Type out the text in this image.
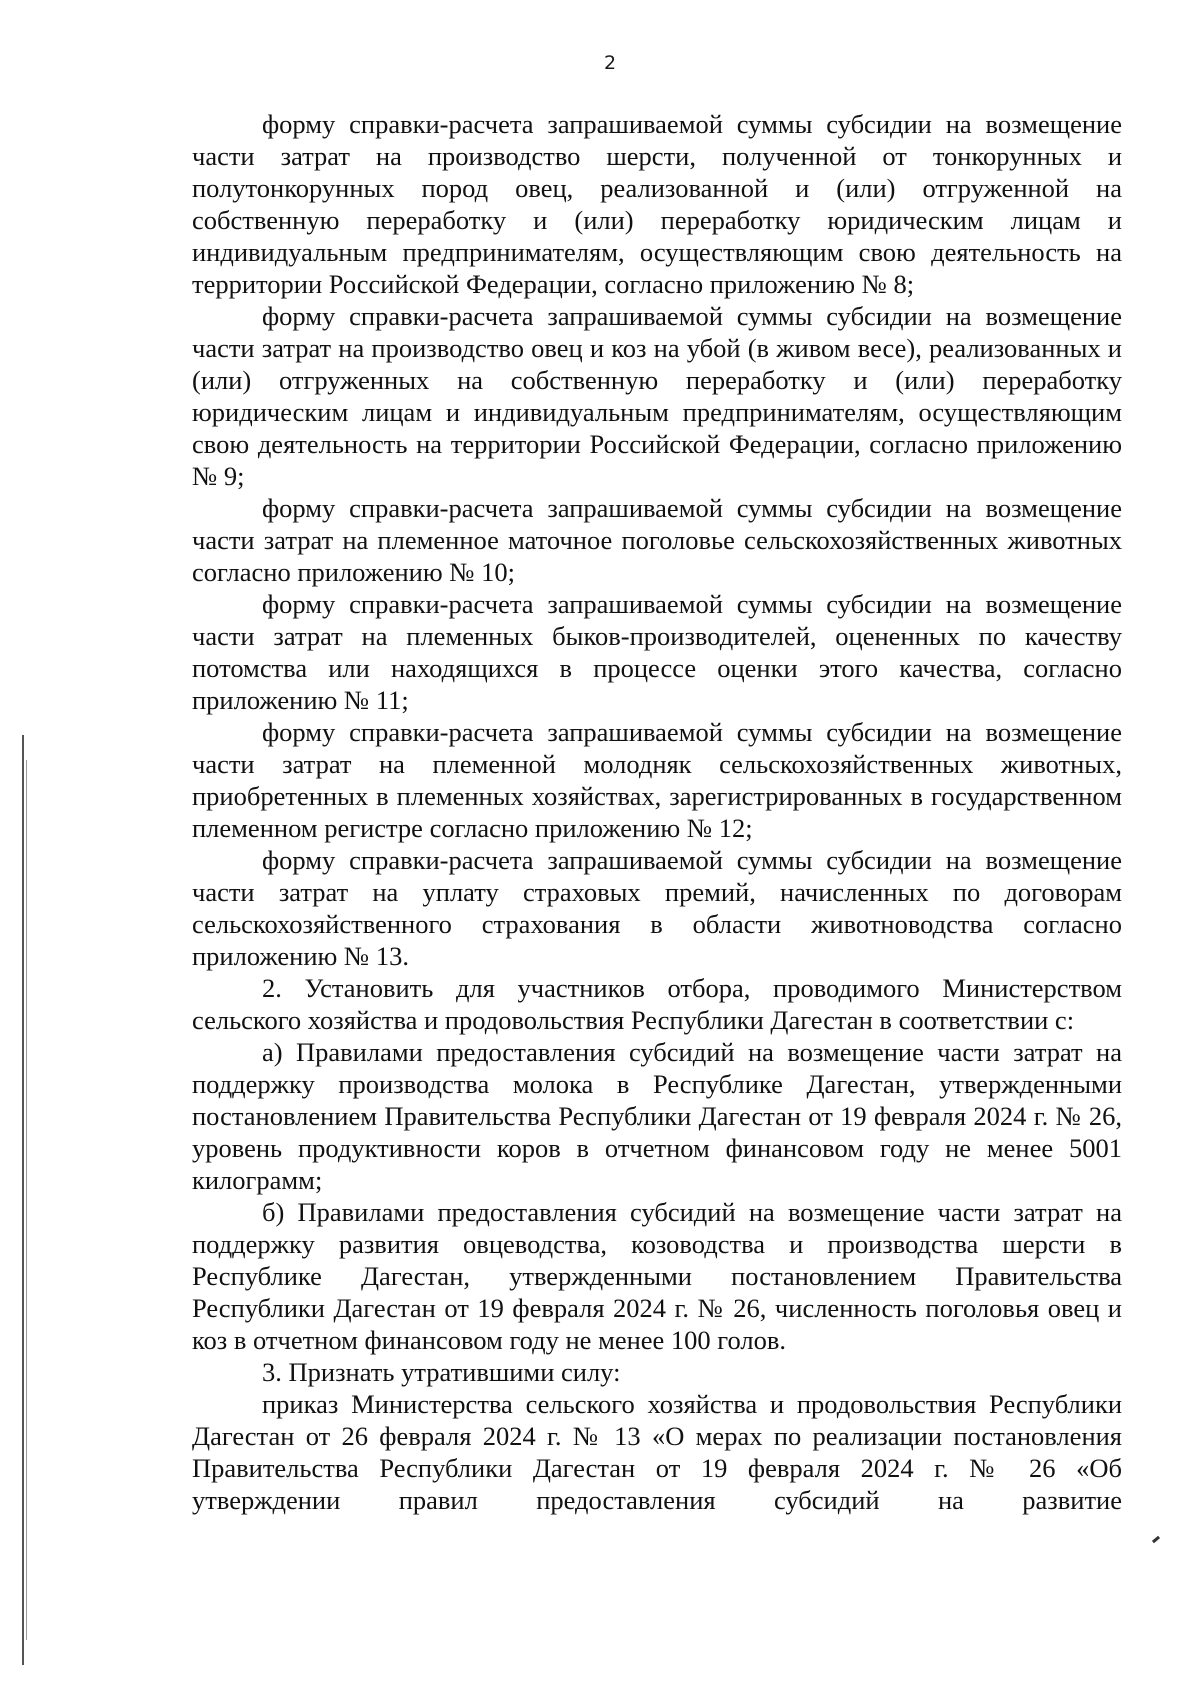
2

форму справки-расчета запрашиваемой суммы субсидии на возмещение части затрат на производство шерсти, полученной от тонкорунных и полутонкорунных пород овец, реализованной и (или) отгруженной на собственную переработку и (или) переработку юридическим лицам и индивидуальным предпринимателям, осуществляющим свою деятельность на территории Российской Федерации, согласно приложению № 8;

форму справки-расчета запрашиваемой суммы субсидии на возмещение части затрат на производство овец и коз на убой (в живом весе), реализованных и (или) отгруженных на собственную переработку и (или) переработку юридическим лицам и индивидуальным предпринимателям, осуществляющим свою деятельность на территории Российской Федерации, согласно приложению № 9;

форму справки-расчета запрашиваемой суммы субсидии на возмещение части затрат на племенное маточное поголовье сельскохозяйственных животных согласно приложению № 10;

форму справки-расчета запрашиваемой суммы субсидии на возмещение части затрат на племенных быков-производителей, оцененных по качеству потомства или находящихся в процессе оценки этого качества, согласно приложению № 11;

форму справки-расчета запрашиваемой суммы субсидии на возмещение части затрат на племенной молодняк сельскохозяйственных животных, приобретенных в племенных хозяйствах, зарегистрированных в государственном племенном регистре согласно приложению № 12;

форму справки-расчета запрашиваемой суммы субсидии на возмещение части затрат на уплату страховых премий, начисленных по договорам сельскохозяйственного страхования в области животноводства согласно приложению № 13.

2. Установить для участников отбора, проводимого Министерством сельского хозяйства и продовольствия Республики Дагестан в соответствии с:

а) Правилами предоставления субсидий на возмещение части затрат на поддержку производства молока в Республике Дагестан, утвержденными постановлением Правительства Республики Дагестан от 19 февраля 2024 г. № 26, уровень продуктивности коров в отчетном финансовом году не менее 5001 килограмм;

б) Правилами предоставления субсидий на возмещение части затрат на поддержку развития овцеводства, козоводства и производства шерсти в Республике Дагестан, утвержденными постановлением Правительства Республики Дагестан от 19 февраля 2024 г. № 26, численность поголовья овец и коз в отчетном финансовом году не менее 100 голов.

3. Признать утратившими силу:

приказ Министерства сельского хозяйства и продовольствия Республики Дагестан от 26 февраля 2024 г. № 13 «О мерах по реализации постановления Правительства Республики Дагестан от 19 февраля 2024 г. № 26 «Об утверждении правил предоставления субсидий на развитие
